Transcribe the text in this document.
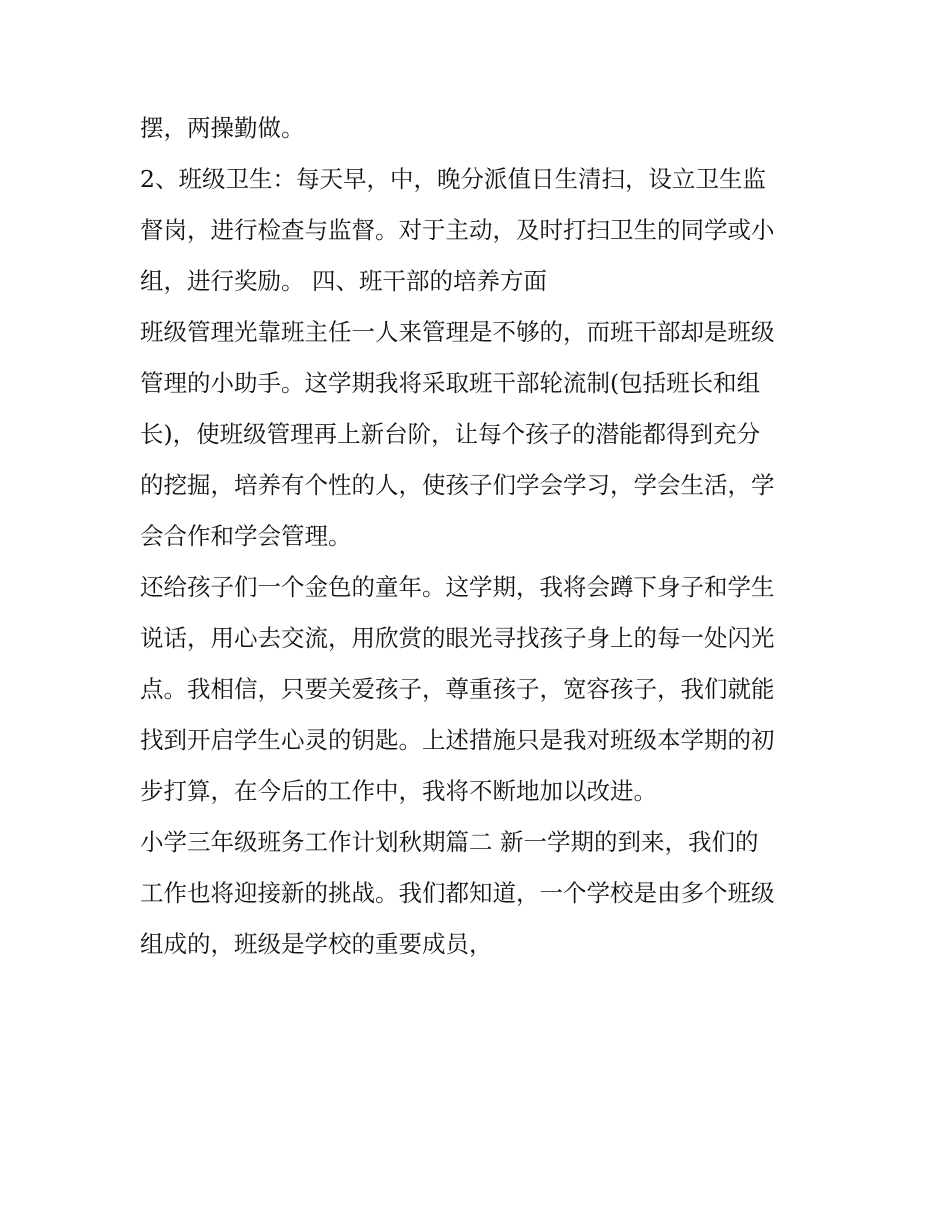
摆，两操勤做。
2、班级卫生：每天早，中，晚分派值日生清扫，设立卫生监
督岗，进行检查与监督。对于主动，及时打扫卫生的同学或小
组，进行奖励。 四、班干部的培养方面
班级管理光靠班主任一人来管理是不够的，而班干部却是班级
管理的小助手。这学期我将采取班干部轮流制(包括班长和组
长)，使班级管理再上新台阶，让每个孩子的潜能都得到充分
的挖掘，培养有个性的人，使孩子们学会学习，学会生活，学
会合作和学会管理。
还给孩子们一个金色的童年。这学期，我将会蹲下身子和学生
说话，用心去交流，用欣赏的眼光寻找孩子身上的每一处闪光
点。我相信，只要关爱孩子，尊重孩子，宽容孩子，我们就能
找到开启学生心灵的钥匙。上述措施只是我对班级本学期的初
步打算，在今后的工作中，我将不断地加以改进。
小学三年级班务工作计划秋期篇二 新一学期的到来，我们的
工作也将迎接新的挑战。我们都知道，一个学校是由多个班级
组成的，班级是学校的重要成员，
